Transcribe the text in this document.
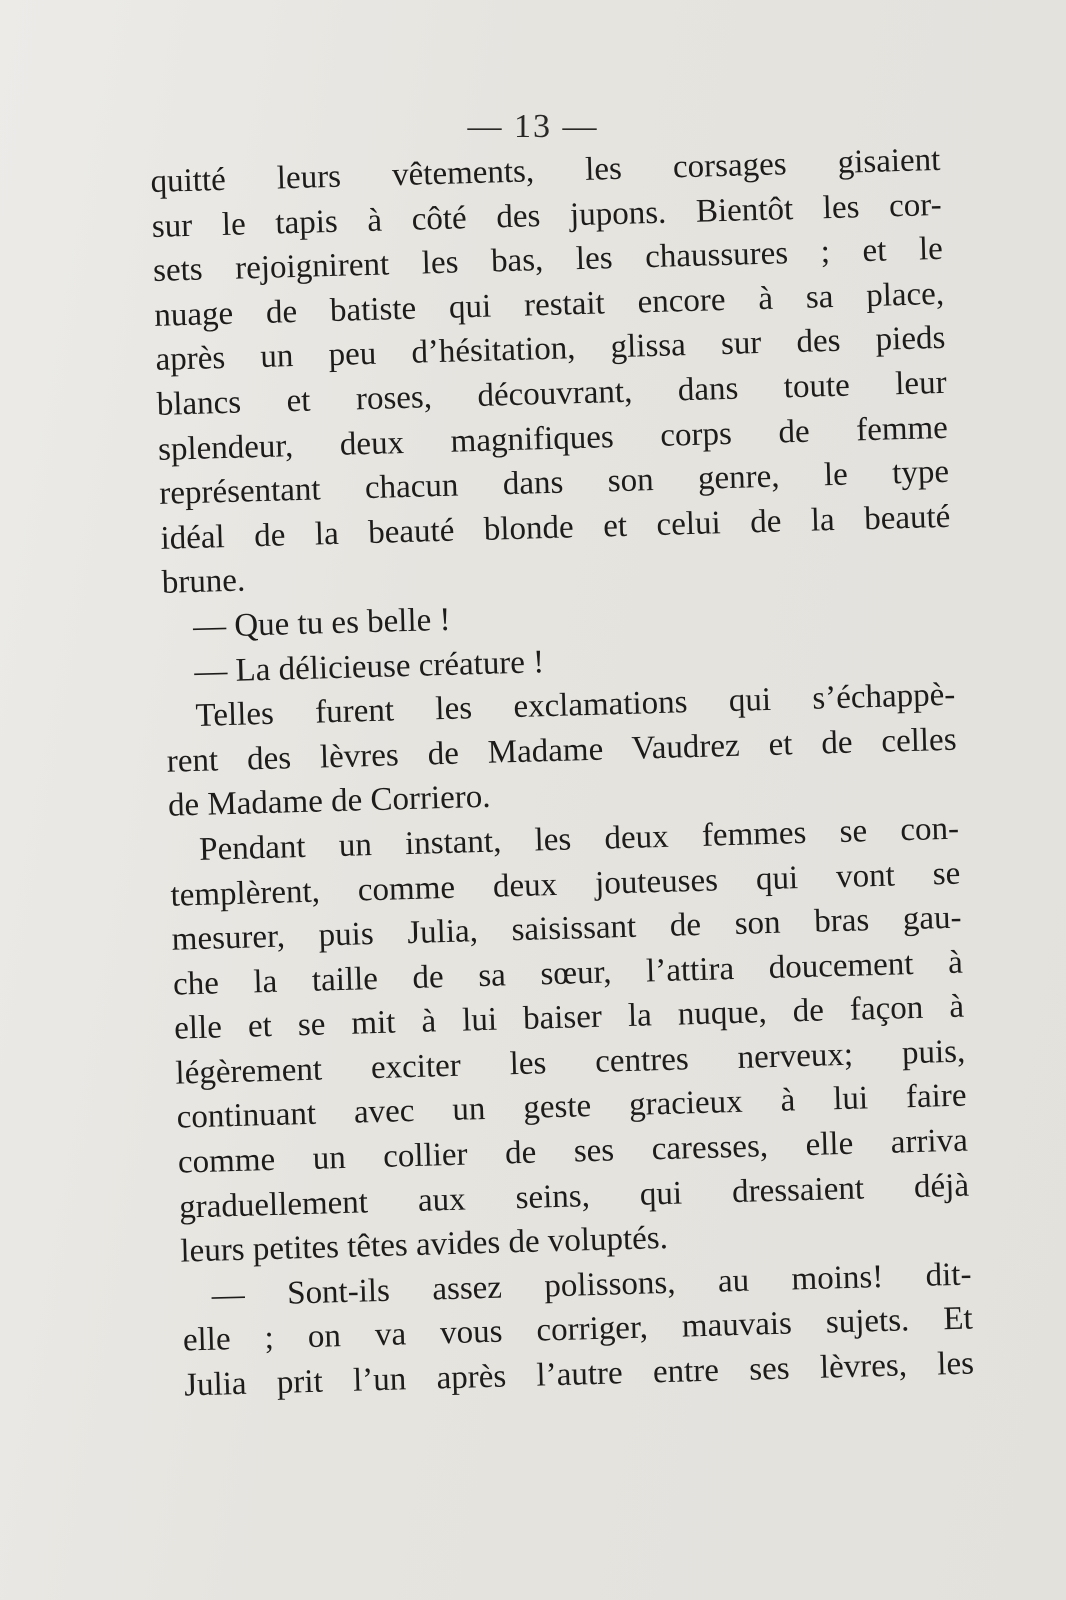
— 13 —
quitté leurs vêtements, les corsages gisaient
sur le tapis à côté des jupons. Bientôt les cor-
sets rejoignirent les bas, les chaussures ; et le
nuage de batiste qui restait encore à sa place,
après un peu d’hésitation, glissa sur des pieds
blancs et roses, découvrant, dans toute leur
splendeur, deux magnifiques corps de femme
représentant chacun dans son genre, le type
idéal de la beauté blonde et celui de la beauté
brune.
— Que tu es belle !
— La délicieuse créature !
Telles furent les exclamations qui s’échappè-
rent des lèvres de Madame Vaudrez et de celles
de Madame de Corriero.
Pendant un instant, les deux femmes se con-
templèrent, comme deux jouteuses qui vont se
mesurer, puis Julia, saisissant de son bras gau-
che la taille de sa sœur, l’attira doucement à
elle et se mit à lui baiser la nuque, de façon à
légèrement exciter les centres nerveux; puis,
continuant avec un geste gracieux à lui faire
comme un collier de ses caresses, elle arriva
graduellement aux seins, qui dressaient déjà
leurs petites têtes avides de voluptés.
— Sont-ils assez polissons, au moins! dit-
elle ; on va vous corriger, mauvais sujets. Et
Julia prit l’un après l’autre entre ses lèvres, les
